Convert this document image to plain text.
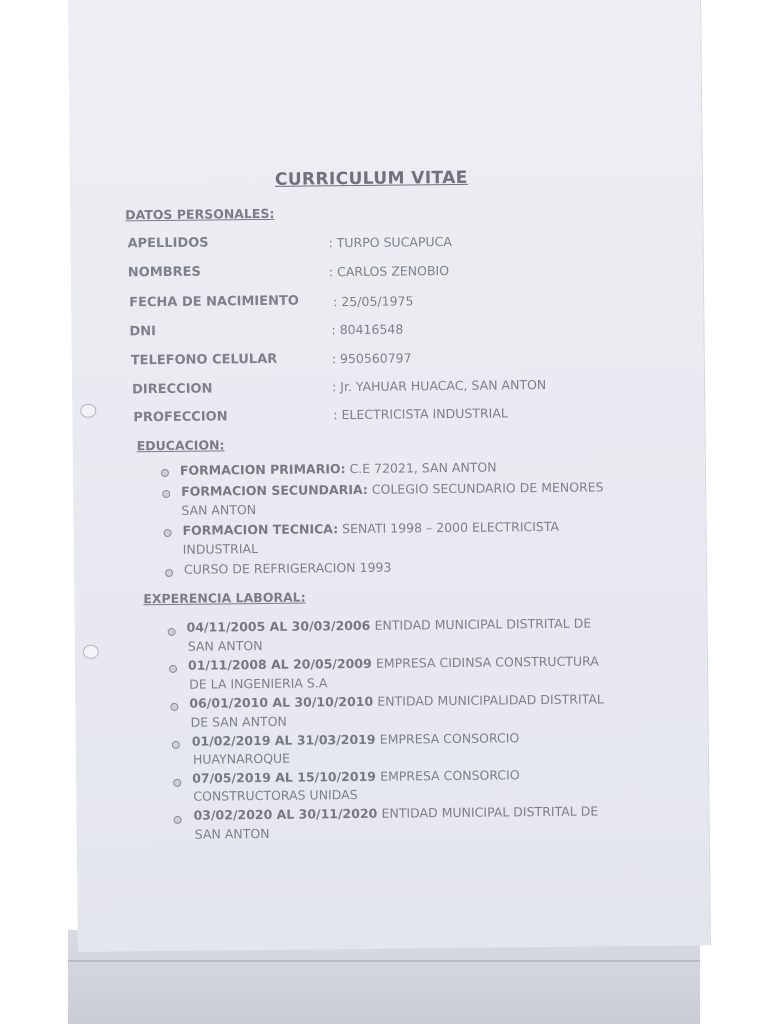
CURRICULUM VITAE
DATOS PERSONALES:
APELLIDOS	: TURPO SUCAPUCA
NOMBRES	: CARLOS ZENOBIO
FECHA DE NACIMIENTO	: 25/05/1975
DNI	: 80416548
TELEFONO CELULAR	: 950560797
DIRECCION	: Jr. YAHUAR HUACAC, SAN ANTON
PROFECCION	: ELECTRICISTA INDUSTRIAL
EDUCACION:
FORMACION PRIMARIO: C.E 72021, SAN ANTON
FORMACION SECUNDARIA: COLEGIO SECUNDARIO DE MENORES
SAN ANTON
FORMACION TECNICA: SENATI 1998 – 2000 ELECTRICISTA
INDUSTRIAL
CURSO DE REFRIGERACION 1993
EXPERENCIA LABORAL:
04/11/2005 AL 30/03/2006 ENTIDAD MUNICIPAL DISTRITAL DE
SAN ANTON
01/11/2008 AL 20/05/2009 EMPRESA CIDINSA CONSTRUCTURA
DE LA INGENIERIA S.A
06/01/2010 AL 30/10/2010 ENTIDAD MUNICIPALIDAD DISTRITAL
DE SAN ANTON
01/02/2019 AL 31/03/2019 EMPRESA CONSORCIO
HUAYNAROQUE
07/05/2019 AL 15/10/2019 EMPRESA CONSORCIO
CONSTRUCTORAS UNIDAS
03/02/2020 AL 30/11/2020 ENTIDAD MUNICIPAL DISTRITAL DE
SAN ANTON
